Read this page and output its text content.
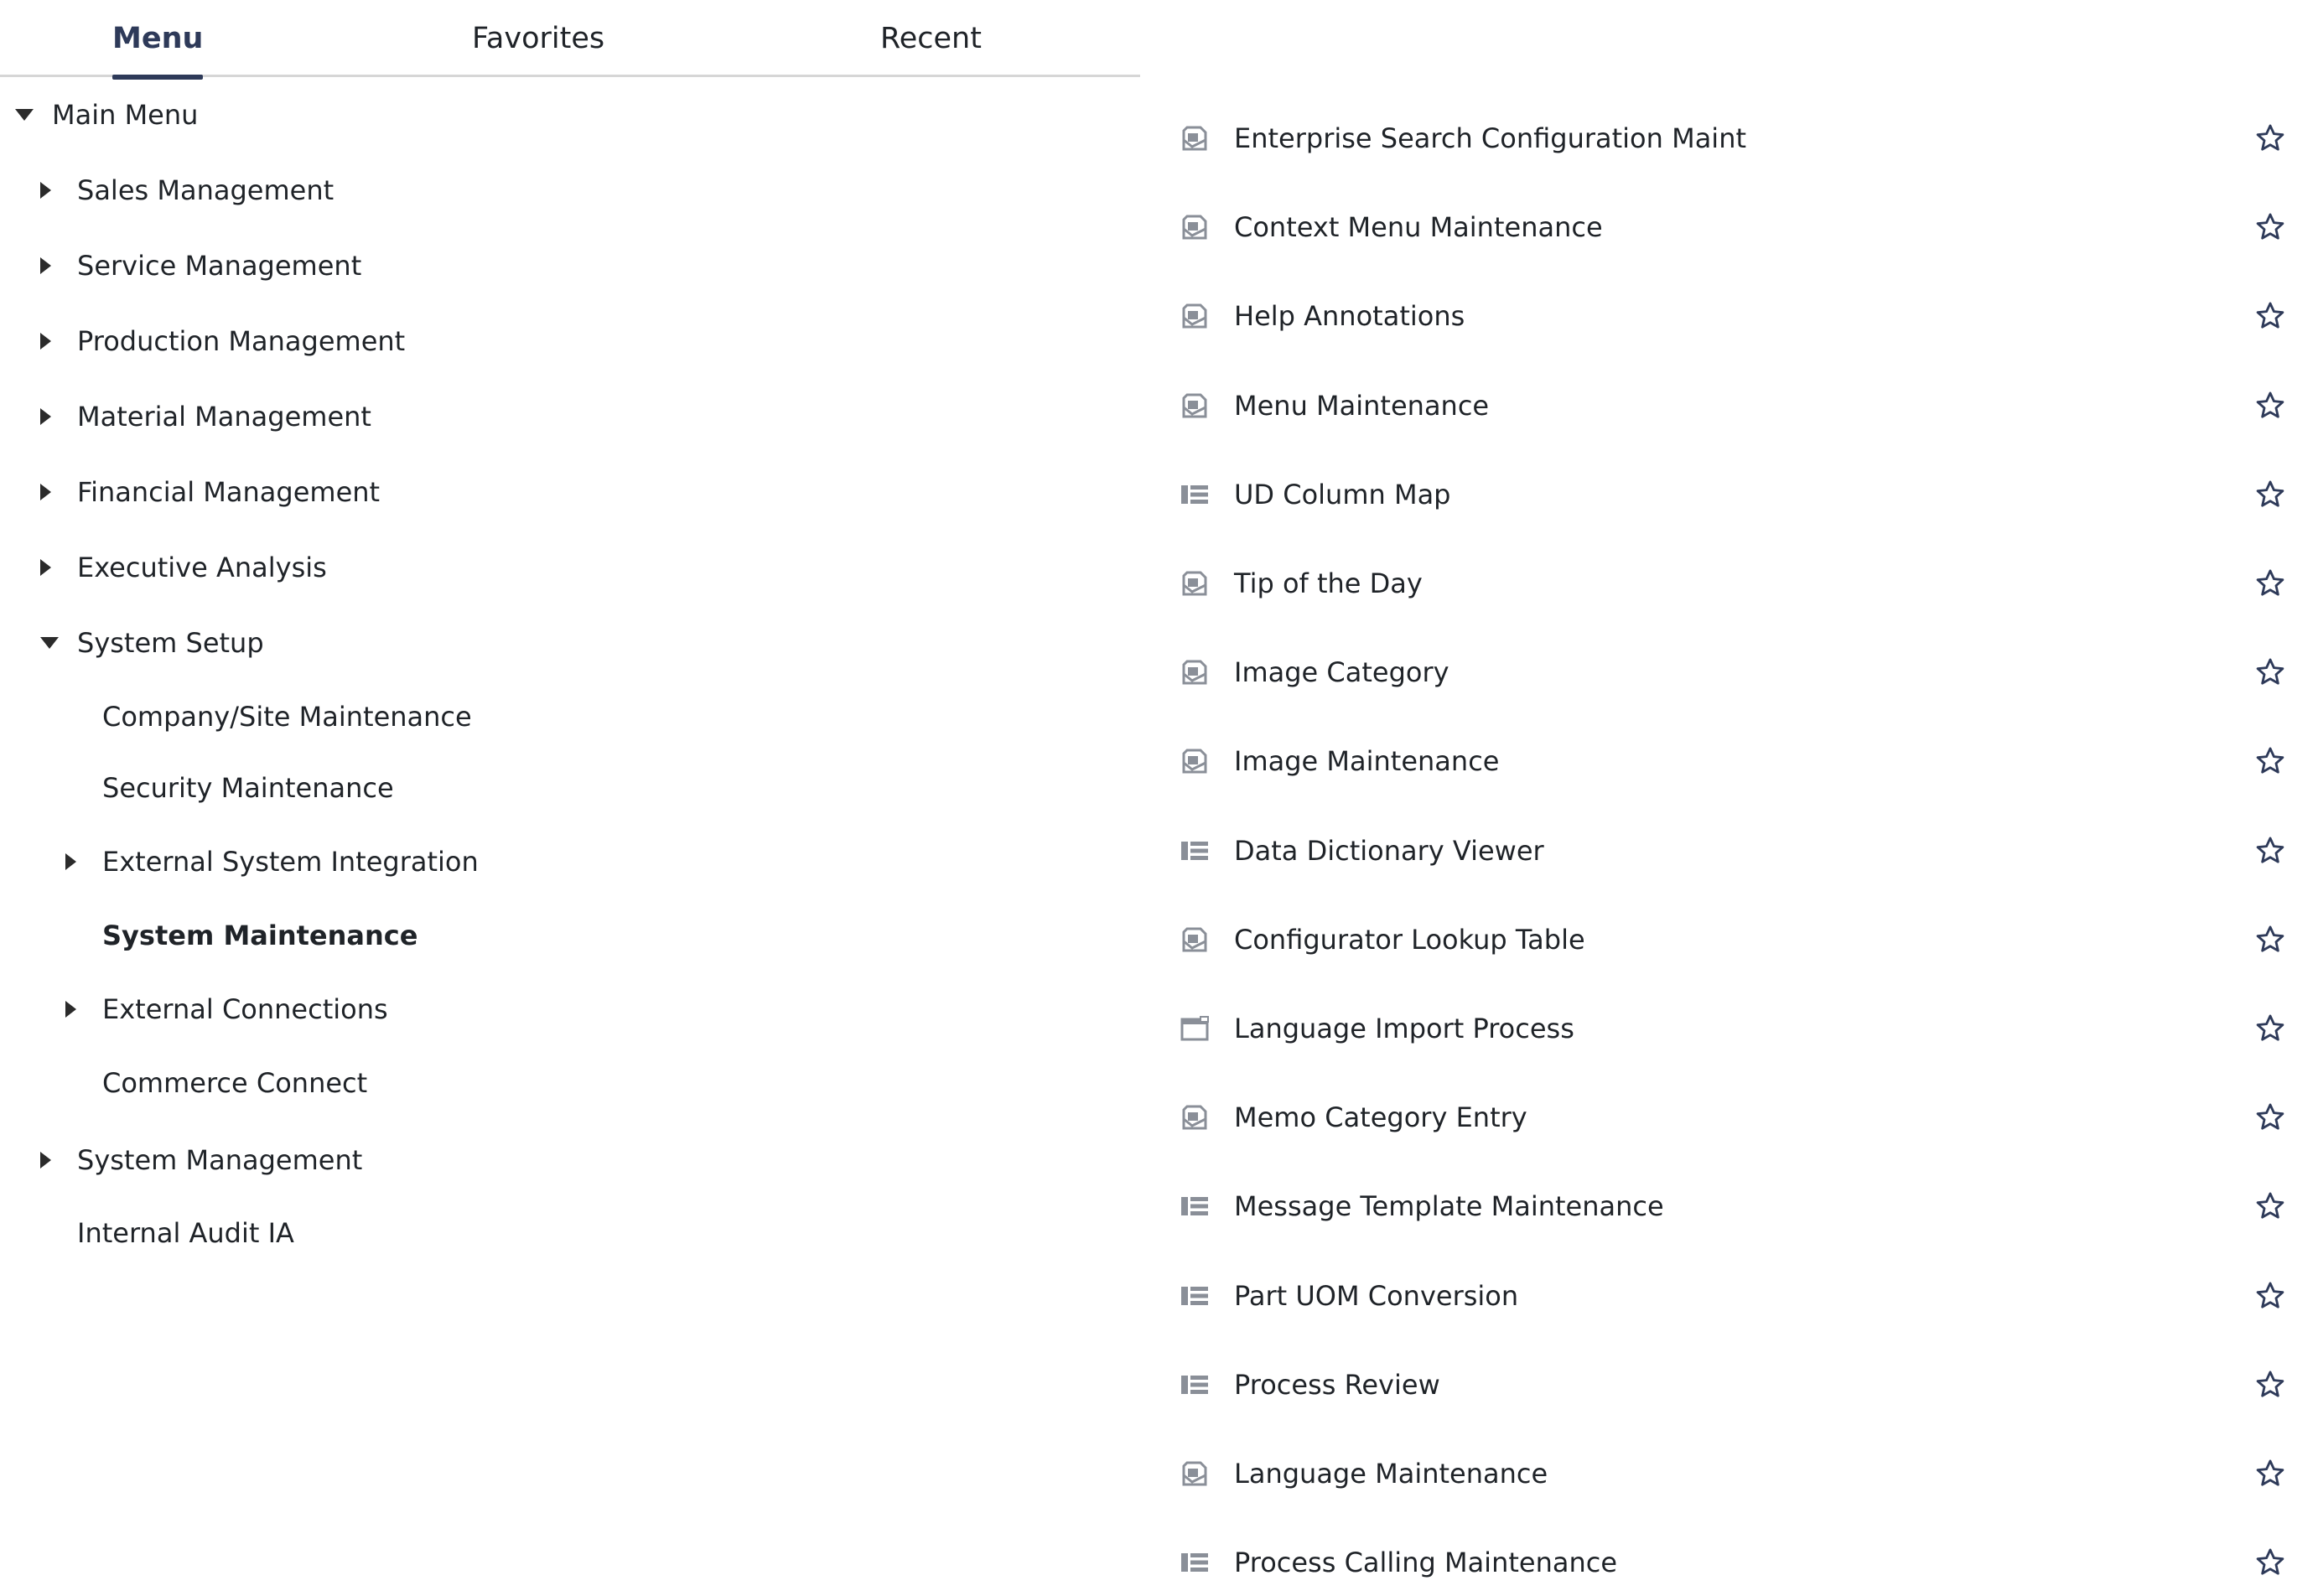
Menu	Favorites	Recent
Main Menu
Sales Management
Service Management
Production Management
Material Management
Financial Management
Executive Analysis
System Setup
Company/Site Maintenance
Security Maintenance
External System Integration
System Maintenance
External Connections
Commerce Connect
System Management
Internal Audit IA
Enterprise Search Configuration Maint
Context Menu Maintenance
Help Annotations
Menu Maintenance
UD Column Map
Tip of the Day
Image Category
Image Maintenance
Data Dictionary Viewer
Configurator Lookup Table
Language Import Process
Memo Category Entry
Message Template Maintenance
Part UOM Conversion
Process Review
Language Maintenance
Process Calling Maintenance
